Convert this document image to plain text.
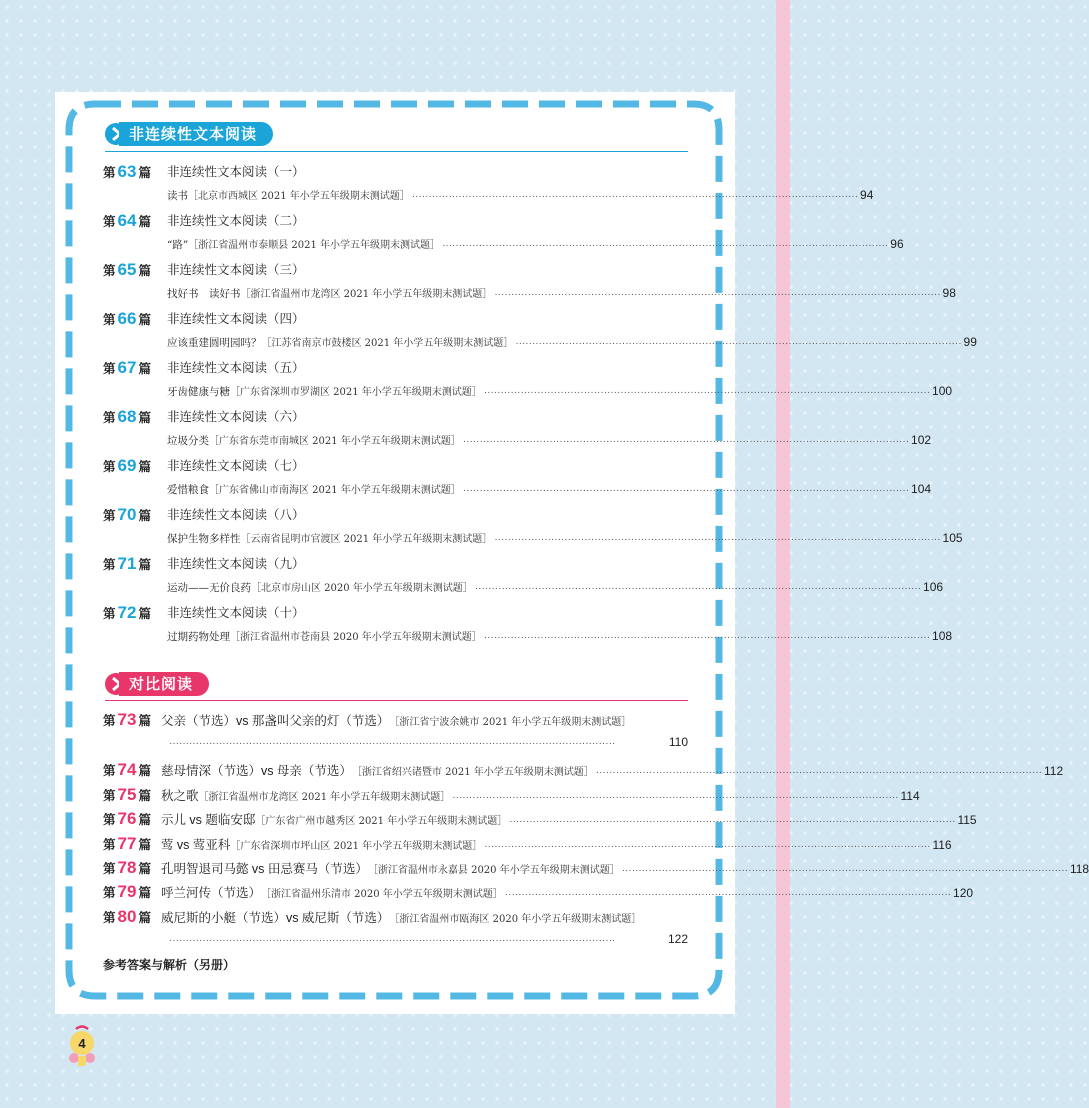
非连续性文本阅读
第 63 篇 非连续性文本阅读（一）
读书 ［北京市西城区 2021 年小学五年级期末测试题］ ······································································································································ 94
第 64 篇 非连续性文本阅读（二）
“路” ［浙江省温州市泰顺县 2021 年小学五年级期末测试题］ ······································································································································ 96
第 65 篇 非连续性文本阅读（三）
找好书　读好书 ［浙江省温州市龙湾区 2021 年小学五年级期末测试题］ ······································································································································ 98
第 66 篇 非连续性文本阅读（四）
应该重建圆明园吗？ ［江苏省南京市鼓楼区 2021 年小学五年级期末测试题］ ······································································································································ 99
第 67 篇 非连续性文本阅读（五）
牙齿健康与糖 ［广东省深圳市罗湖区 2021 年小学五年级期末测试题］ ······································································································································ 100
第 68 篇 非连续性文本阅读（六）
垃圾分类 ［广东省东莞市南城区 2021 年小学五年级期末测试题］ ······································································································································ 102
第 69 篇 非连续性文本阅读（七）
爱惜粮食 ［广东省佛山市南海区 2021 年小学五年级期末测试题］ ······································································································································ 104
第 70 篇 非连续性文本阅读（八）
保护生物多样性 ［云南省昆明市官渡区 2021 年小学五年级期末测试题］ ······································································································································ 105
第 71 篇 非连续性文本阅读（九）
运动——无价良药 ［北京市房山区 2020 年小学五年级期末测试题］ ······································································································································ 106
第 72 篇 非连续性文本阅读（十）
过期药物处理 ［浙江省温州市苍南县 2020 年小学五年级期末测试题］ ······································································································································ 108
对比阅读
第 73 篇 父亲（节选）vs 那盏叫父亲的灯（节选） ［浙江省宁波余姚市 2021 年小学五年级期末测试题］
······································································································································	110
第 74 篇 慈母情深（节选）vs 母亲（节选） ［浙江省绍兴诸暨市 2021 年小学五年级期末测试题］ ······································································································································ 112
第 75 篇 秋之歌 ［浙江省温州市龙湾区 2021 年小学五年级期末测试题］ ······································································································································ 114
第 76 篇 示儿 vs 题临安邸 ［广东省广州市越秀区 2021 年小学五年级期末测试题］ ······································································································································ 115
第 77 篇 莺 vs 莺亚科 ［广东省深圳市坪山区 2021 年小学五年级期末测试题］ ······································································································································ 116
第 78 篇 孔明智退司马懿 vs 田忌赛马（节选） ［浙江省温州市永嘉县 2020 年小学五年级期末测试题］ ······································································································································ 118
第 79 篇 呼兰河传（节选） ［浙江省温州乐清市 2020 年小学五年级期末测试题］ ······································································································································ 120
第 80 篇 威尼斯的小艇（节选）vs 威尼斯（节选） ［浙江省温州市瓯海区 2020 年小学五年级期末测试题］
······································································································································	122
参考答案与解析（另册）
4
